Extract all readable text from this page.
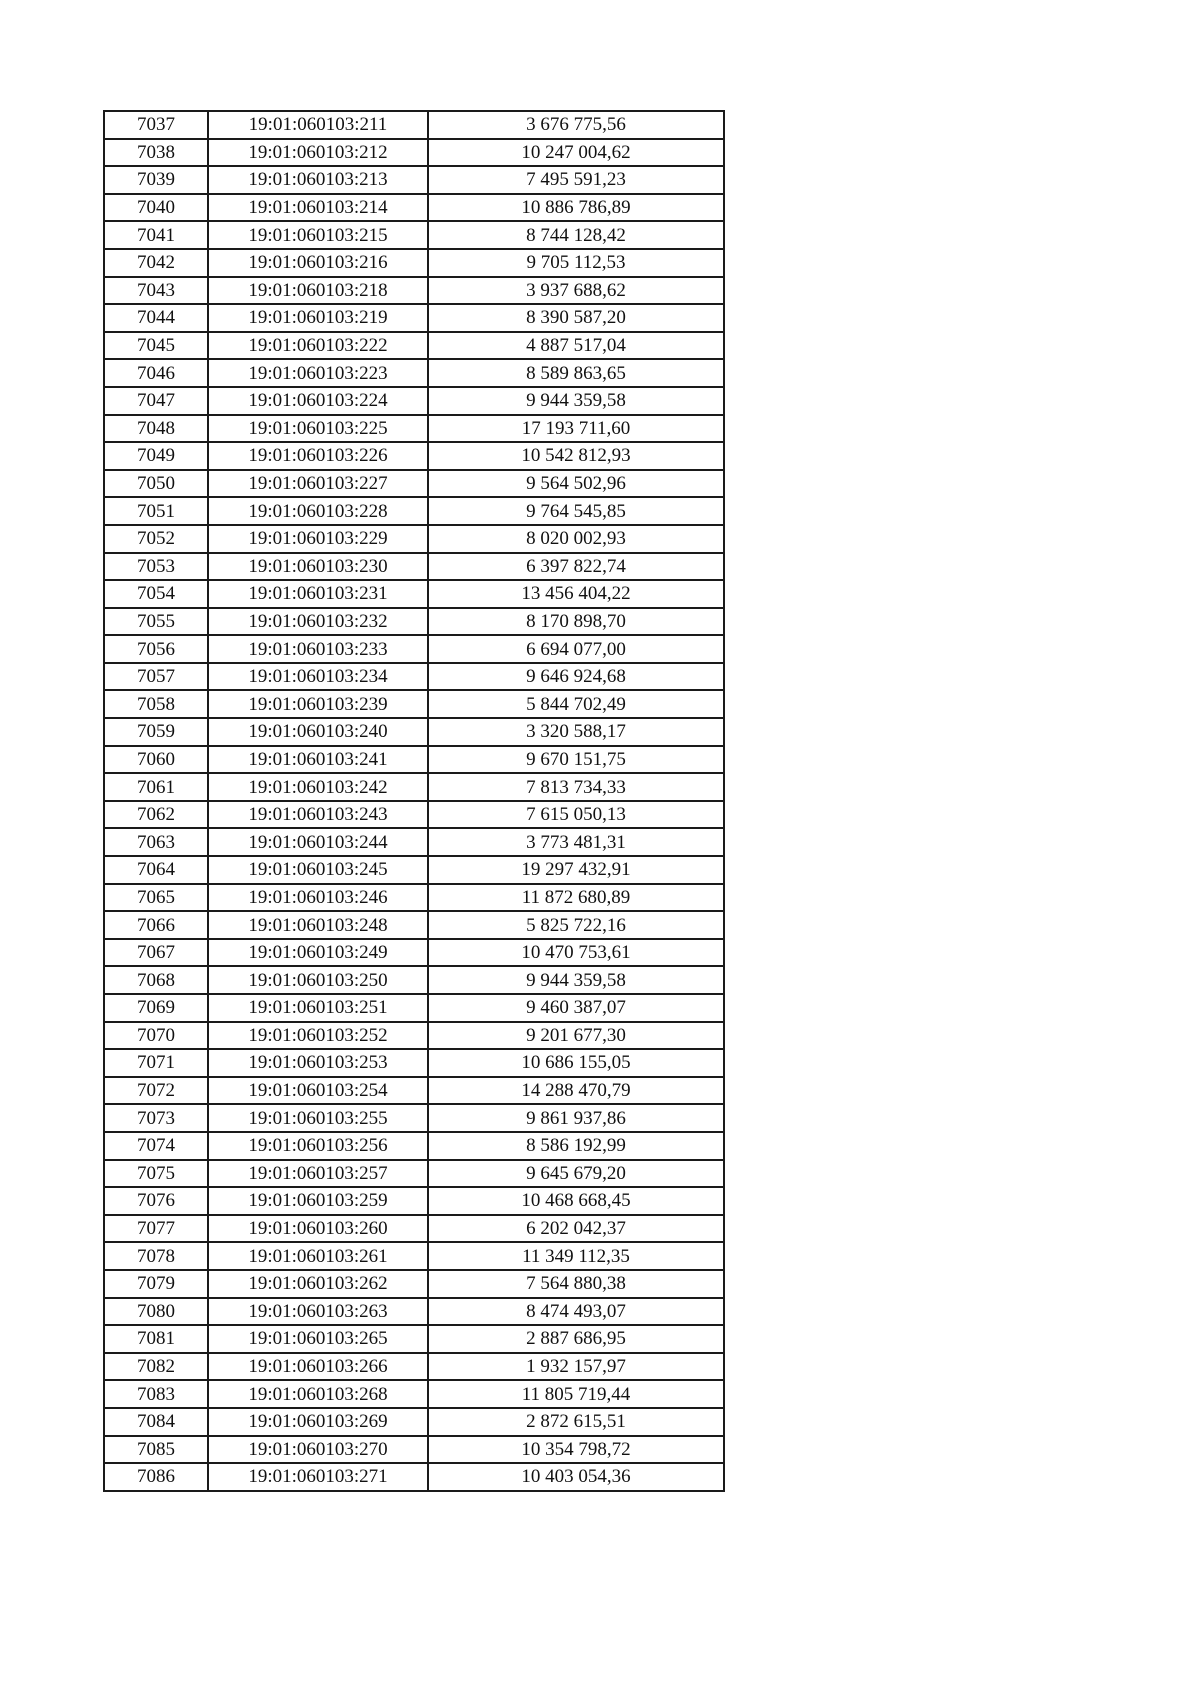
7037	19:01:060103:211	3 676 775,56
7038	19:01:060103:212	10 247 004,62
7039	19:01:060103:213	7 495 591,23
7040	19:01:060103:214	10 886 786,89
7041	19:01:060103:215	8 744 128,42
7042	19:01:060103:216	9 705 112,53
7043	19:01:060103:218	3 937 688,62
7044	19:01:060103:219	8 390 587,20
7045	19:01:060103:222	4 887 517,04
7046	19:01:060103:223	8 589 863,65
7047	19:01:060103:224	9 944 359,58
7048	19:01:060103:225	17 193 711,60
7049	19:01:060103:226	10 542 812,93
7050	19:01:060103:227	9 564 502,96
7051	19:01:060103:228	9 764 545,85
7052	19:01:060103:229	8 020 002,93
7053	19:01:060103:230	6 397 822,74
7054	19:01:060103:231	13 456 404,22
7055	19:01:060103:232	8 170 898,70
7056	19:01:060103:233	6 694 077,00
7057	19:01:060103:234	9 646 924,68
7058	19:01:060103:239	5 844 702,49
7059	19:01:060103:240	3 320 588,17
7060	19:01:060103:241	9 670 151,75
7061	19:01:060103:242	7 813 734,33
7062	19:01:060103:243	7 615 050,13
7063	19:01:060103:244	3 773 481,31
7064	19:01:060103:245	19 297 432,91
7065	19:01:060103:246	11 872 680,89
7066	19:01:060103:248	5 825 722,16
7067	19:01:060103:249	10 470 753,61
7068	19:01:060103:250	9 944 359,58
7069	19:01:060103:251	9 460 387,07
7070	19:01:060103:252	9 201 677,30
7071	19:01:060103:253	10 686 155,05
7072	19:01:060103:254	14 288 470,79
7073	19:01:060103:255	9 861 937,86
7074	19:01:060103:256	8 586 192,99
7075	19:01:060103:257	9 645 679,20
7076	19:01:060103:259	10 468 668,45
7077	19:01:060103:260	6 202 042,37
7078	19:01:060103:261	11 349 112,35
7079	19:01:060103:262	7 564 880,38
7080	19:01:060103:263	8 474 493,07
7081	19:01:060103:265	2 887 686,95
7082	19:01:060103:266	1 932 157,97
7083	19:01:060103:268	11 805 719,44
7084	19:01:060103:269	2 872 615,51
7085	19:01:060103:270	10 354 798,72
7086	19:01:060103:271	10 403 054,36
